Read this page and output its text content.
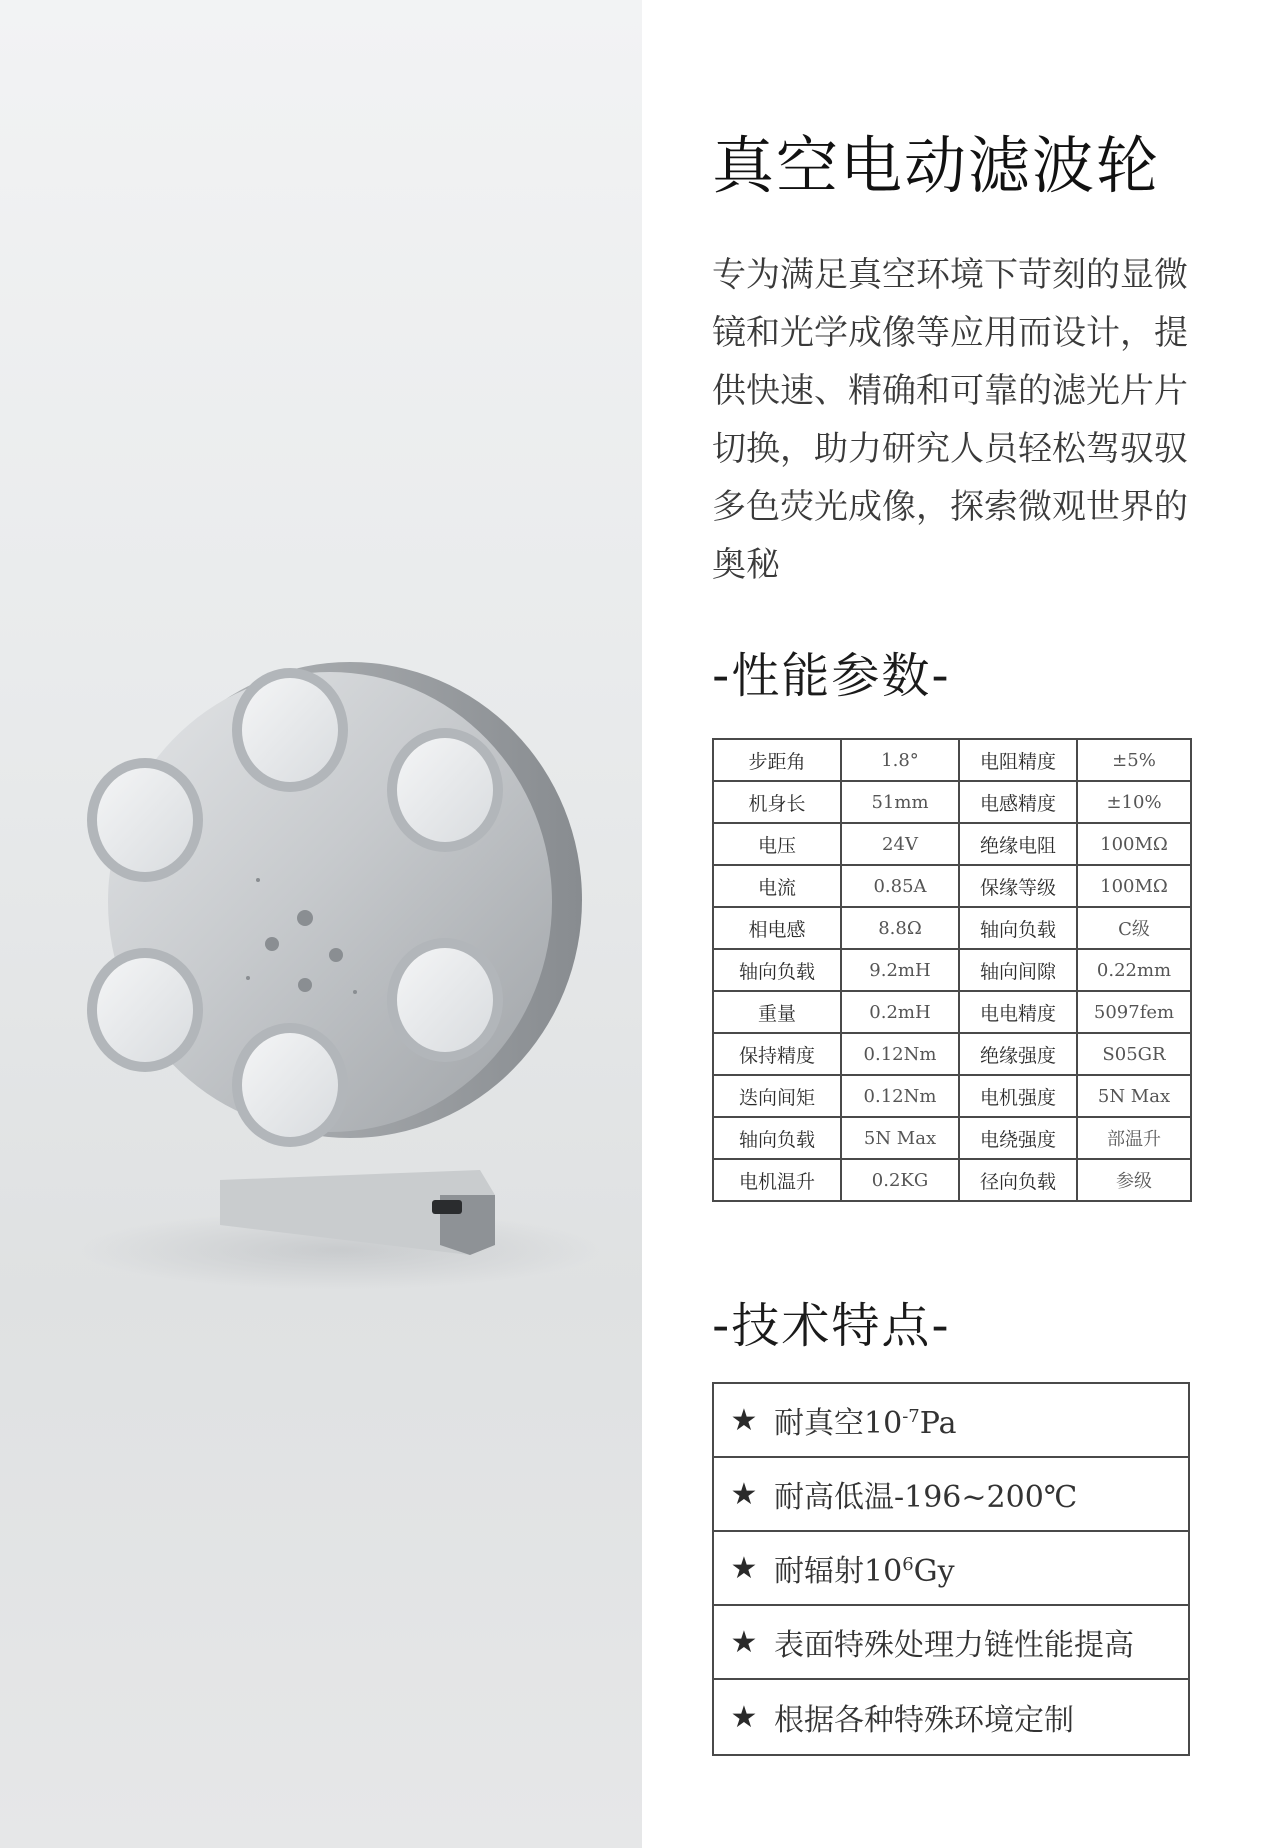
真空电动滤波轮
专为满足真空环境下苛刻的显微镜和光学成像等应用而设计，提供快速、精确和可靠的滤光片片切换，助力研究人员轻松驾驭驭多色荧光成像，探索微观世界的奥秘
-性能参数-
步距角	1.8°	电阻精度	±5%
机身长	51mm	电感精度	±10%
电压	24V	绝缘电阻	100MΩ
电流	0.85A	保缘等级	100MΩ
相电感	8.8Ω	轴向负载	C级
轴向负载	9.2mH	轴向间隙	0.22mm
重量	0.2mH	电电精度	5097fem
保持精度	0.12Nm	绝缘强度	S05GR
迭向间矩	0.12Nm	电机强度	5N Max
轴向负载	5N Max	电绕强度	部温升
电机温升	0.2KG	径向负载	参级
-技术特点-
★ 耐真空$10^{-7}Pa$
★ 耐高低温-196~200℃
★ 耐辐射$10^6Gy$
★ 表面特殊处理力链性能提高
★ 根据各种特殊环境定制
